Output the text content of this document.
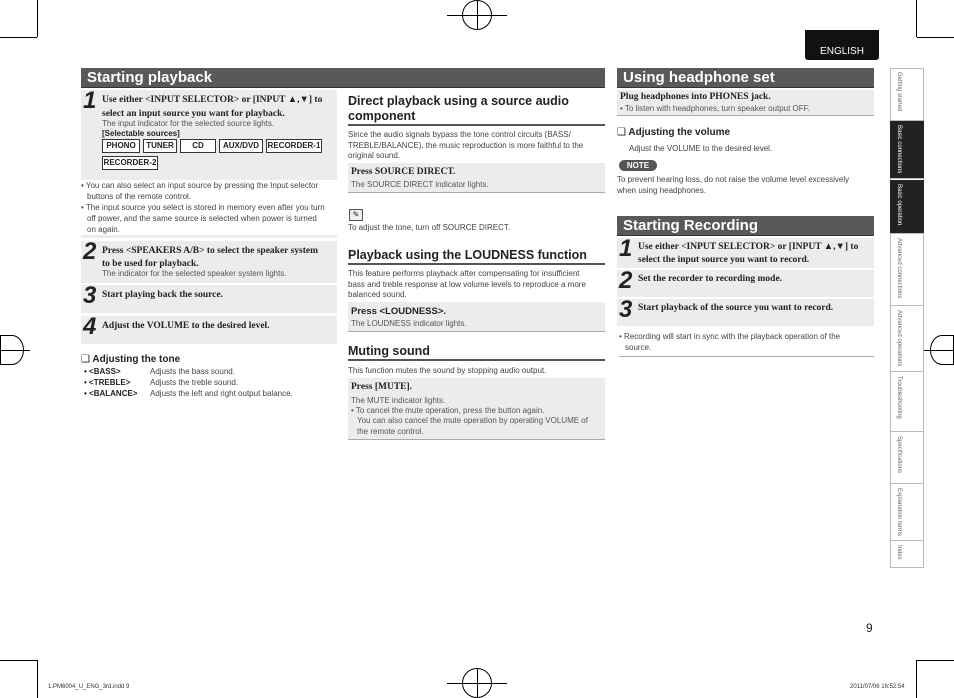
ENGLISH
Starting playback
1 Use either <INPUT SELECTOR> or [INPUT ▲,▼] to
select an input source you want for playback.
The input indicator for the selected source lights.
[Selectable sources]
PHONO	TUNER	CD	AUX/DVD	RECORDER-1
RECORDER-2
• You can also select an input source by pressing the Input selector
buttons of the remote control.
• The input source you select is stored in memory even after you turn
off power, and the same source is selected when power is turned
on again.
2 Press <SPEAKERS A/B> to select the speaker system
to be used for playback.
The indicator for the selected speaker system lights.
3 Start playing back the source.
4 Adjust the VOLUME to the desired level.
❑ Adjusting the tone
• <BASS>	Adjusts the bass sound.
• <TREBLE> Adjusts the treble sound.
• <BALANCE> Adjusts the left and right output balance.
Direct playback using a source audio
component
Since the audio signals bypass the tone control circuits (BASS/
TREBLE/BALANCE), the music reproduction is more faithful to the
original sound.
Press SOURCE DIRECT.
The SOURCE DIRECT indicator lights.
✎
To adjust the tone, turn off SOURCE DIRECT.
Playback using the LOUDNESS function
This feature performs playback after compensating for insufficient
bass and treble response at low volume levels to reproduce a more
balanced sound.
Press <LOUDNESS>.
The LOUDNESS indicator lights.
Muting sound
This function mutes the sound by stopping audio output.
Press [MUTE].
The MUTE indicator lights.
• To cancel the mute operation, press the button again.
You can also cancel the mute operation by operating VOLUME of
the remote control.
Using headphone set
Plug headphones into PHONES jack.
• To listen with headphones, turn speaker output OFF.
❑ Adjusting the volume
Adjust the VOLUME to the desired level.
NOTE
To prevent hearing loss, do not raise the volume level excessively
when using headphones.
Starting Recording
1 Use either <INPUT SELECTOR> or [INPUT ▲,▼] to
select the input source you want to record.
2 Set the recorder to recording mode.
3 Start playback of the source you want to record.
• Recording will start in sync with the playback operation of the
source.
Getting started
Basic connections
Basic operation
Advanced connections
Advanced operations
Troubleshooting
Specifications
Explanation terms
Index
9
1.PM6004_U_ENG_3rd.indd 9	2011/07/06 16:52:54
